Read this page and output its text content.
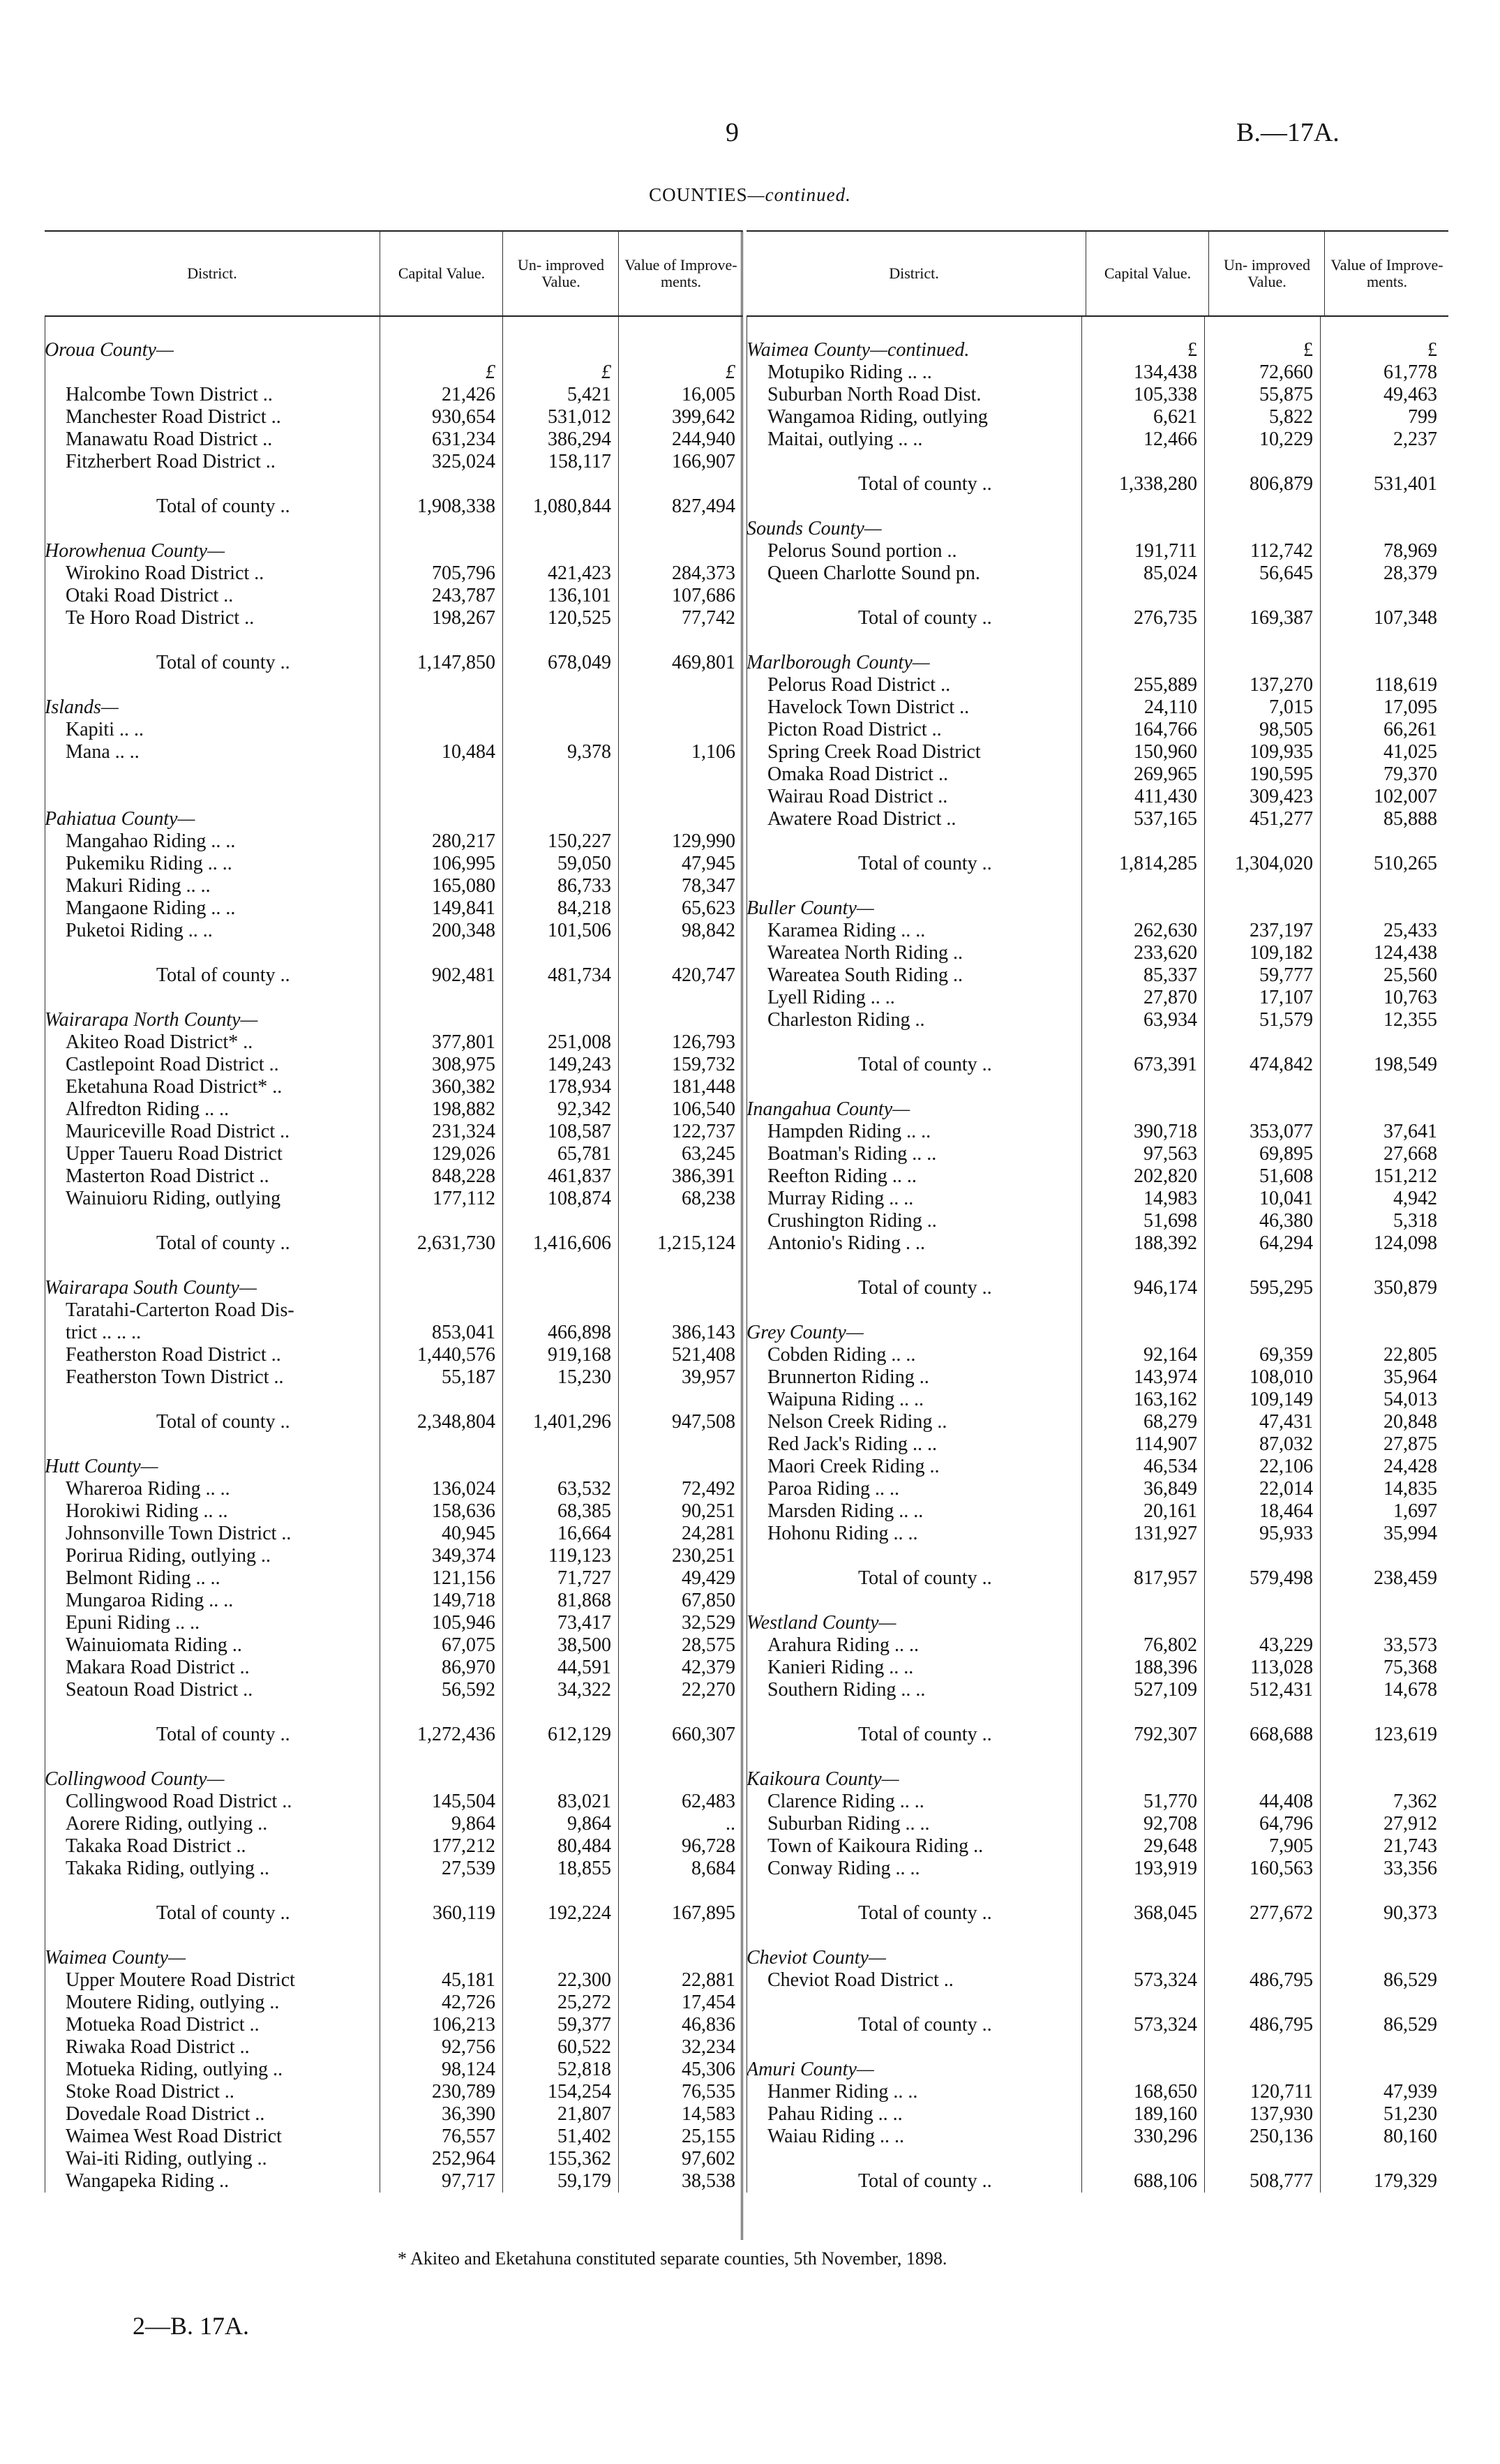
9	B.—17A.
COUNTIES—continued.
District.	Capital Value.	Un- improved Value.
Value of Improve- ments.
Oroua County—
£	£	£
Halcombe Town District ..	21,426	5,421	16,005
Manchester Road District ..	930,654	531,012	399,642
Manawatu Road District ..	631,234	386,294	244,940
Fitzherbert Road District ..	325,024	158,117	166,907
Total of county ..	1,908,338	1,080,844	827,494
Horowhenua County—
Wirokino Road District ..	705,796	421,423	284,373
Otaki Road District ..	243,787	136,101	107,686
Te Horo Road District ..	198,267	120,525	77,742
Total of county ..	1,147,850	678,049	469,801
Islands—
Kapiti .. ..
Mana .. ..	10,484	9,378	1,106
Pahiatua County—
Mangahao Riding .. ..	280,217	150,227	129,990
Pukemiku Riding .. ..	106,995	59,050	47,945
Makuri Riding .. ..	165,080	86,733	78,347
Mangaone Riding .. ..	149,841	84,218	65,623
Puketoi Riding .. ..	200,348	101,506	98,842
Total of county ..	902,481	481,734	420,747
Wairarapa North County—
Akiteo Road District* ..	377,801	251,008	126,793
Castlepoint Road District ..	308,975	149,243	159,732
Eketahuna Road District* ..	360,382	178,934	181,448
Alfredton Riding .. ..	198,882	92,342	106,540
Mauriceville Road District ..	231,324	108,587	122,737
Upper Taueru Road District	129,026	65,781	63,245
Masterton Road District ..	848,228	461,837	386,391
Wainuioru Riding, outlying	177,112	108,874	68,238
Total of county ..	2,631,730	1,416,606	1,215,124
Wairarapa South County—
Taratahi-Carterton Road Dis-
trict .. .. ..	853,041	466,898	386,143
Featherston Road District ..	1,440,576	919,168	521,408
Featherston Town District ..	55,187	15,230	39,957
Total of county ..	2,348,804	1,401,296	947,508
Hutt County—
Whareroa Riding .. ..	136,024	63,532	72,492
Horokiwi Riding .. ..	158,636	68,385	90,251
Johnsonville Town District ..	40,945	16,664	24,281
Porirua Riding, outlying ..	349,374	119,123	230,251
Belmont Riding .. ..	121,156	71,727	49,429
Mungaroa Riding .. ..	149,718	81,868	67,850
Epuni Riding .. ..	105,946	73,417	32,529
Wainuiomata Riding ..	67,075	38,500	28,575
Makara Road District ..	86,970	44,591	42,379
Seatoun Road District ..	56,592	34,322	22,270
Total of county ..	1,272,436	612,129	660,307
Collingwood County—
Collingwood Road District ..	145,504	83,021	62,483
Aorere Riding, outlying ..	9,864	9,864	..
Takaka Road District ..	177,212	80,484	96,728
Takaka Riding, outlying ..	27,539	18,855	8,684
Total of county ..	360,119	192,224	167,895
Waimea County—
Upper Moutere Road District	45,181	22,300	22,881
Moutere Riding, outlying ..	42,726	25,272	17,454
Motueka Road District ..	106,213	59,377	46,836
Riwaka Road District ..	92,756	60,522	32,234
Motueka Riding, outlying ..	98,124	52,818	45,306
Stoke Road District ..	230,789	154,254	76,535
Dovedale Road District ..	36,390	21,807	14,583
Waimea West Road District	76,557	51,402	25,155
Wai-iti Riding, outlying ..	252,964	155,362	97,602
Wangapeka Riding ..	97,717	59,179	38,538
District.	Capital Value.	Un- improved Value.
Value of Improve- ments.
Waimea County—continued.	£	£	£
Motupiko Riding .. ..	134,438	72,660	61,778
Suburban North Road Dist.	105,338	55,875	49,463
Wangamoa Riding, outlying	6,621	5,822	799
Maitai, outlying .. ..	12,466	10,229	2,237
Total of county ..	1,338,280	806,879	531,401
Sounds County—
Pelorus Sound portion ..	191,711	112,742	78,969
Queen Charlotte Sound pn.	85,024	56,645	28,379
Total of county ..	276,735	169,387	107,348
Marlborough County—
Pelorus Road District ..	255,889	137,270	118,619
Havelock Town District ..	24,110	7,015	17,095
Picton Road District ..	164,766	98,505	66,261
Spring Creek Road District	150,960	109,935	41,025
Omaka Road District ..	269,965	190,595	79,370
Wairau Road District ..	411,430	309,423	102,007
Awatere Road District ..	537,165	451,277	85,888
Total of county ..	1,814,285	1,304,020	510,265
Buller County—
Karamea Riding .. ..	262,630	237,197	25,433
Wareatea North Riding ..	233,620	109,182	124,438
Wareatea South Riding ..	85,337	59,777	25,560
Lyell Riding .. ..	27,870	17,107	10,763
Charleston Riding ..	63,934	51,579	12,355
Total of county ..	673,391	474,842	198,549
Inangahua County—
Hampden Riding .. ..	390,718	353,077	37,641
Boatman's Riding .. ..	97,563	69,895	27,668
Reefton Riding .. ..	202,820	51,608	151,212
Murray Riding .. ..	14,983	10,041	4,942
Crushington Riding ..	51,698	46,380	5,318
Antonio's Riding . ..	188,392	64,294	124,098
Total of county ..	946,174	595,295	350,879
Grey County—
Cobden Riding .. ..	92,164	69,359	22,805
Brunnerton Riding ..	143,974	108,010	35,964
Waipuna Riding .. ..	163,162	109,149	54,013
Nelson Creek Riding ..	68,279	47,431	20,848
Red Jack's Riding .. ..	114,907	87,032	27,875
Maori Creek Riding ..	46,534	22,106	24,428
Paroa Riding .. ..	36,849	22,014	14,835
Marsden Riding .. ..	20,161	18,464	1,697
Hohonu Riding .. ..	131,927	95,933	35,994
Total of county ..	817,957	579,498	238,459
Westland County—
Arahura Riding .. ..	76,802	43,229	33,573
Kanieri Riding .. ..	188,396	113,028	75,368
Southern Riding .. ..	527,109	512,431	14,678
Total of county ..	792,307	668,688	123,619
Kaikoura County—
Clarence Riding .. ..	51,770	44,408	7,362
Suburban Riding .. ..	92,708	64,796	27,912
Town of Kaikoura Riding ..	29,648	7,905	21,743
Conway Riding .. ..	193,919	160,563	33,356
Total of county ..	368,045	277,672	90,373
Cheviot County—
Cheviot Road District ..	573,324	486,795	86,529
Total of county ..	573,324	486,795	86,529
Amuri County—
Hanmer Riding .. ..	168,650	120,711	47,939
Pahau Riding .. ..	189,160	137,930	51,230
Waiau Riding .. ..	330,296	250,136	80,160
Total of county ..	688,106	508,777	179,329
* Akiteo and Eketahuna constituted separate counties, 5th November, 1898.
2—B. 17A.
